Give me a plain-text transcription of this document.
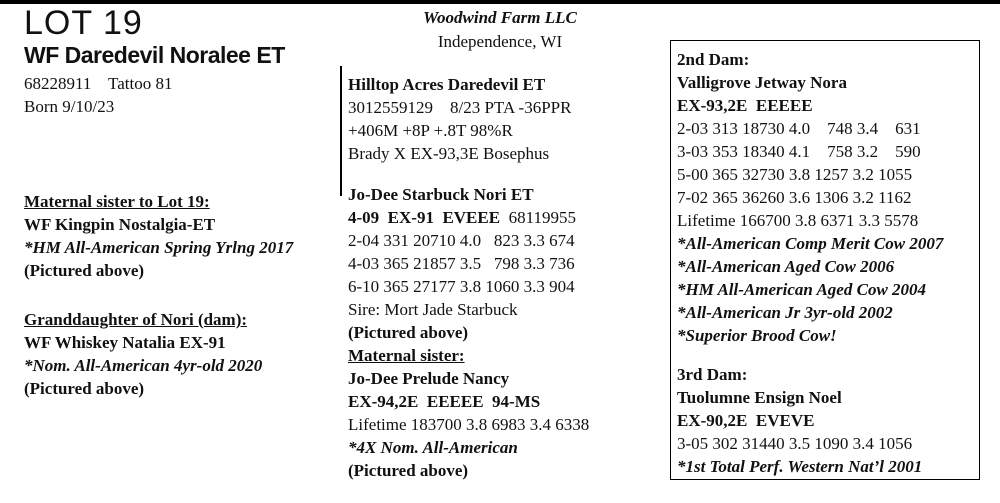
LOT 19
WF Daredevil Noralee ET
68228911    Tattoo 81
Born 9/10/23
Woodwind Farm LLC
Independence, WI
Maternal sister to Lot 19:
WF Kingpin Nostalgia-ET
*HM All-American Spring Yrlng 2017
(Pictured above)
Granddaughter of Nori (dam):
WF Whiskey Natalia EX-91
*Nom. All-American 4yr-old 2020
(Pictured above)
Hilltop Acres Daredevil ET
3012559129    8/23 PTA -36PPR
+406M +8P +.8T 98%R
Brady X EX-93,3E Bosephus
Jo-Dee Starbuck Nori ET
4-09  EX-91  EVEEE 68119955
2-04 331 20710 4.0   823 3.3 674
4-03 365 21857 3.5   798 3.3 736
6-10 365 27177 3.8 1060 3.3 904
Sire: Mort Jade Starbuck
(Pictured above)
Maternal sister:
Jo-Dee Prelude Nancy
EX-94,2E  EEEEE  94-MS
Lifetime 183700 3.8 6983 3.4 6338
*4X Nom. All-American
(Pictured above)
2nd Dam:
Valligrove Jetway Nora
EX-93,2E  EEEEE
2-03 313 18730 4.0    748 3.4    631
3-03 353 18340 4.1    758 3.2    590
5-00 365 32730 3.8 1257 3.2 1055
7-02 365 36260 3.6 1306 3.2 1162
Lifetime 166700 3.8 6371 3.3 5578
*All-American Comp Merit Cow 2007
*All-American Aged Cow 2006
*HM All-American Aged Cow 2004
*All-American Jr 3yr-old 2002
*Superior Brood Cow!
3rd Dam:
Tuolumne Ensign Noel
EX-90,2E  EVEVE
3-05 302 31440 3.5 1090 3.4 1056
*1st Total Perf. Western Nat’l 2001
